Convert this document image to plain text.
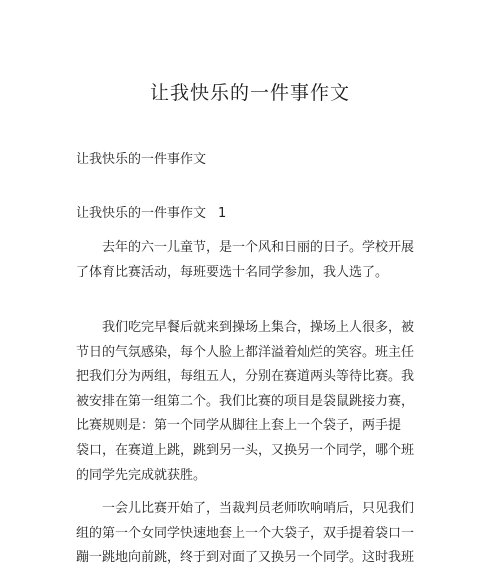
让我快乐的一件事作文
让我快乐的一件事作文
让我快乐的一件事作文 1

　　去年的六一儿童节，是一个风和日丽的日子。学校开展
了体育比赛活动，每班要选十名同学参加，我人选了。

　　我们吃完早餐后就来到操场上集合，操场上人很多，被
节日的气氛感染，每个人脸上都洋溢着灿烂的笑容。班主任
把我们分为两组，每组五人，分别在赛道两头等待比赛。我
被安排在第一组第二个。我们比赛的项目是袋鼠跳接力赛，
比赛规则是：第一个同学从脚往上套上一个袋子，两手提
袋口，在赛道上跳，跳到另一头，又换另一个同学，哪个班
的同学先完成就获胜。

　　一会儿比赛开始了，当裁判员老师吹响哨后，只见我们
组的第一个女同学快速地套上一个大袋子，双手提着袋口一
蹦一跳地向前跳，终于到对面了又换另一个同学。这时我班
